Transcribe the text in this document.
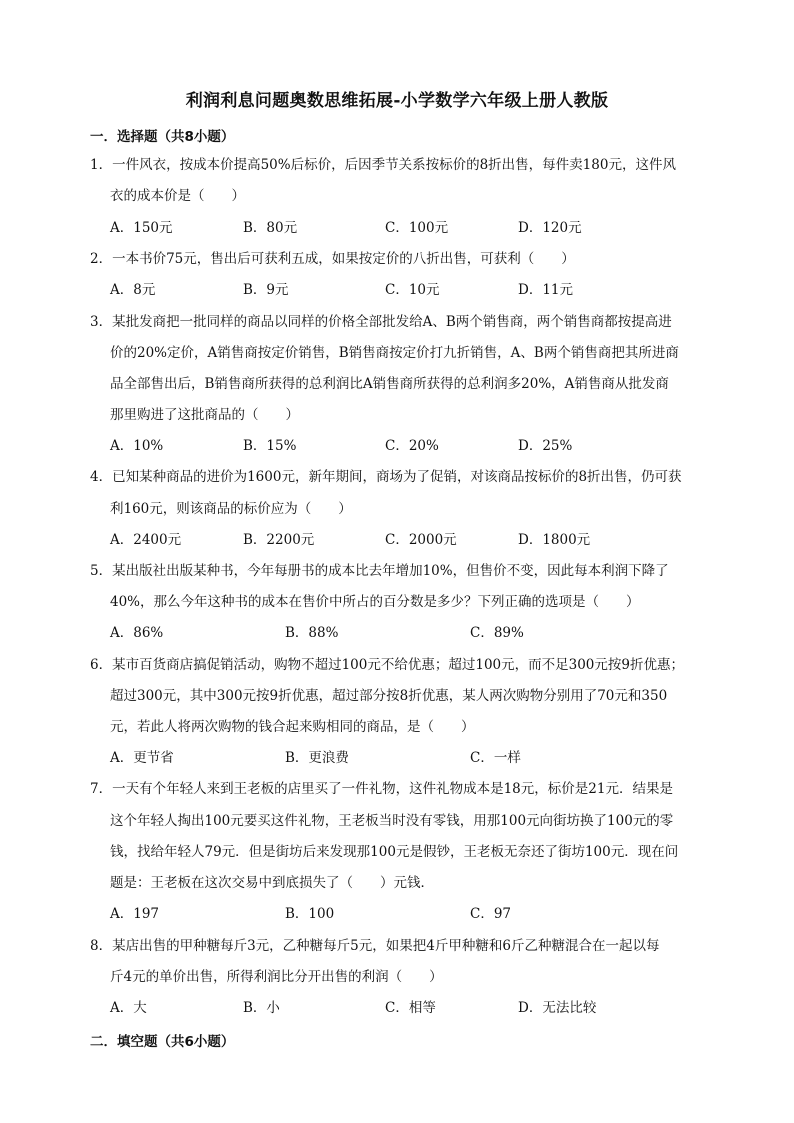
利润利息问题奥数思维拓展-小学数学六年级上册人教版
一．选择题（共8小题）
1．一件风衣，按成本价提高50%后标价，后因季节关系按标价的8折出售，每件卖180元，这件风
衣的成本价是（　　）
A．150元	B．80元	C．100元	D．120元
2．一本书价75元，售出后可获利五成，如果按定价的八折出售，可获利（　　）
A．8元	B．9元	C．10元	D．11元
3．某批发商把一批同样的商品以同样的价格全部批发给A、B两个销售商，两个销售商都按提高进
价的20%定价，A销售商按定价销售，B销售商按定价打九折销售，A、B两个销售商把其所进商
品全部售出后，B销售商所获得的总利润比A销售商所获得的总利润多20%，A销售商从批发商
那里购进了这批商品的（　　）
A．10%	B．15%	C．20%	D．25%
4．已知某种商品的进价为1600元，新年期间，商场为了促销，对该商品按标价的8折出售，仍可获
利160元，则该商品的标价应为（　　）
A．2400元	B．2200元	C．2000元	D．1800元
5．某出版社出版某种书，今年每册书的成本比去年增加10%，但售价不变，因此每本利润下降了
40%，那么今年这种书的成本在售价中所占的百分数是多少？下列正确的选项是（　　）
A．86%	B．88%	C．89%
6．某市百货商店搞促销活动，购物不超过100元不给优惠；超过100元，而不足300元按9折优惠；
超过300元，其中300元按9折优惠，超过部分按8折优惠，某人两次购物分别用了70元和350
元，若此人将两次购物的钱合起来购相同的商品，是（　　）
A．更节省	B．更浪费	C．一样
7．一天有个年轻人来到王老板的店里买了一件礼物，这件礼物成本是18元，标价是21元．结果是
这个年轻人掏出100元要买这件礼物，王老板当时没有零钱，用那100元向街坊换了100元的零
钱，找给年轻人79元．但是街坊后来发现那100元是假钞，王老板无奈还了街坊100元．现在问
题是：王老板在这次交易中到底损失了（　　）元钱．
A．197	B．100	C．97
8．某店出售的甲种糖每斤3元，乙种糖每斤5元，如果把4斤甲种糖和6斤乙种糖混合在一起以每
斤4元的单价出售，所得利润比分开出售的利润（　　）
A．大	B．小	C．相等	D．无法比较
二．填空题（共6小题）
